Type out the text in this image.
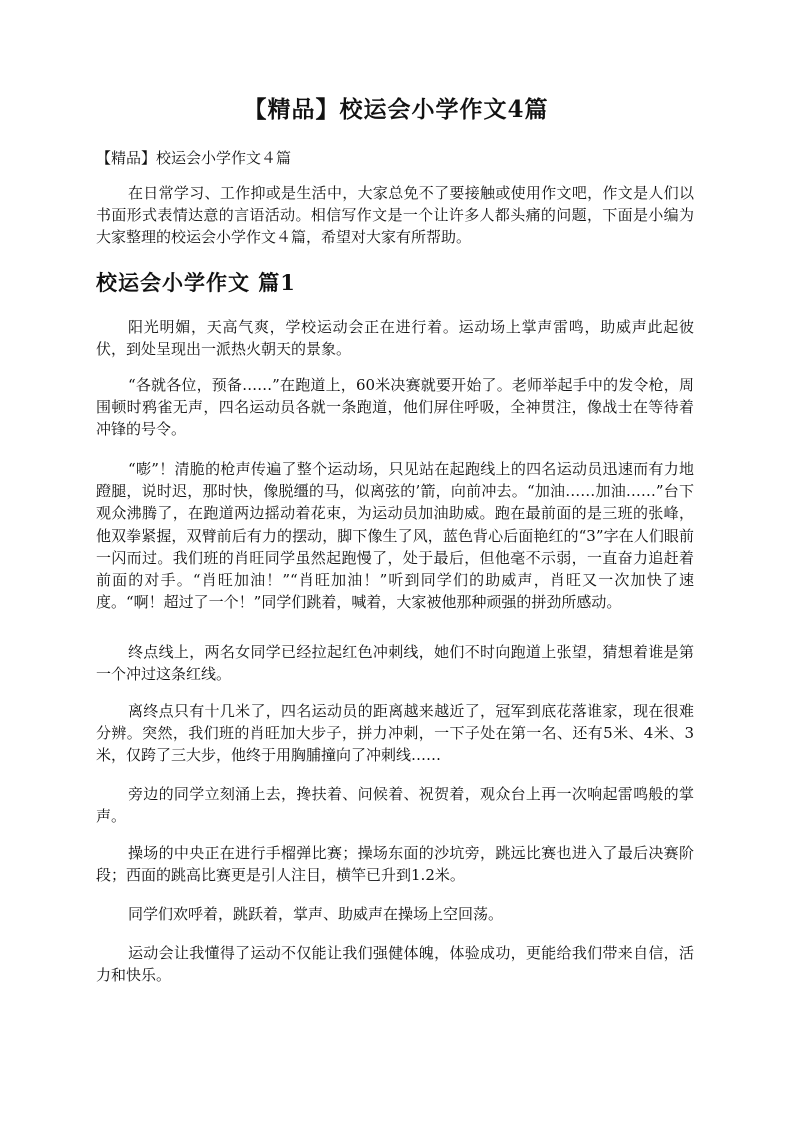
【精品】校运会小学作文4篇

【精品】校运会小学作文４篇

在日常学习、工作抑或是生活中，大家总免不了要接触或使用作文吧，作文是人们以书面形式表情达意的言语活动。相信写作文是一个让许多人都头痛的问题，下面是小编为大家整理的校运会小学作文４篇，希望对大家有所帮助。

校运会小学作文 篇1

阳光明媚，天高气爽，学校运动会正在进行着。运动场上掌声雷鸣，助威声此起彼伏，到处呈现出一派热火朝天的景象。

“各就各位，预备……”在跑道上，60米决赛就要开始了。老师举起手中的发令枪，周围顿时鸦雀无声，四名运动员各就一条跑道，他们屏住呼吸，全神贯注，像战士在等待着冲锋的号令。

“嘭”！清脆的枪声传遍了整个运动场，只见站在起跑线上的四名运动员迅速而有力地蹬腿，说时迟，那时快，像脱缰的马，似离弦的’箭，向前冲去。“加油……加油……”台下观众沸腾了，在跑道两边摇动着花束，为运动员加油助威。跑在最前面的是三班的张峰，他双拳紧握，双臂前后有力的摆动，脚下像生了风，蓝色背心后面艳红的“3”字在人们眼前一闪而过。我们班的肖旺同学虽然起跑慢了，处于最后，但他毫不示弱，一直奋力追赶着前面的对手。“肖旺加油！”“肖旺加油！”听到同学们的助威声，肖旺又一次加快了速度。“啊！超过了一个！”同学们跳着，喊着，大家被他那种顽强的拼劲所感动。

终点线上，两名女同学已经拉起红色冲刺线，她们不时向跑道上张望，猜想着谁是第一个冲过这条红线。

离终点只有十几米了，四名运动员的距离越来越近了，冠军到底花落谁家，现在很难分辨。突然，我们班的肖旺加大步子，拼力冲刺，一下子处在第一名、还有5米、4米、3米，仅跨了三大步，他终于用胸脯撞向了冲刺线……

旁边的同学立刻涌上去，搀扶着、问候着、祝贺着，观众台上再一次响起雷鸣般的掌声。

操场的中央正在进行手榴弹比赛；操场东面的沙坑旁，跳远比赛也进入了最后决赛阶段；西面的跳高比赛更是引人注目，横竿已升到1.2米。

同学们欢呼着，跳跃着，掌声、助威声在操场上空回荡。

运动会让我懂得了运动不仅能让我们强健体魄，体验成功，更能给我们带来自信，活力和快乐。
